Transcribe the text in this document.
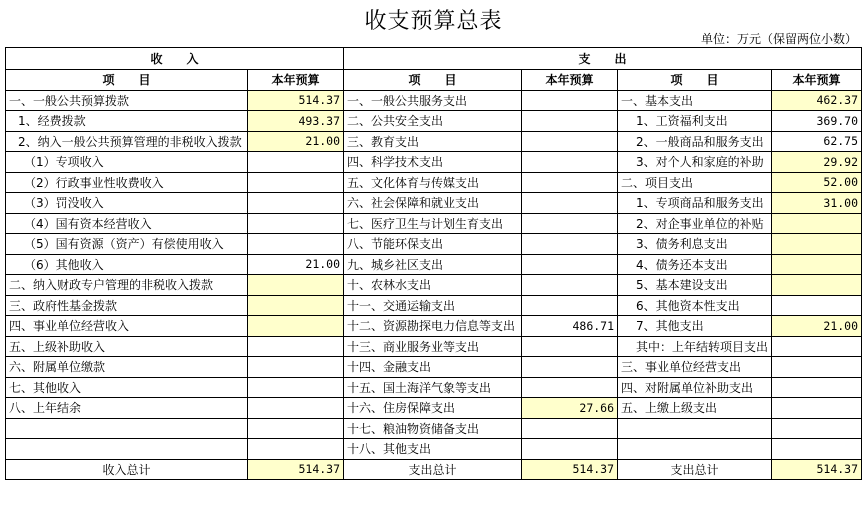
收支预算总表
单位：万元（保留两位小数）
收　　入		支　　出			
项　　目	本年预算	项　　目	本年预算	项　　目	本年预算
一、一般公共预算拨款	514.37	一、一般公共服务支出		一、基本支出	462.37
1、经费拨款	493.37	二、公共安全支出		1、工资福利支出	369.70
2、纳入一般公共预算管理的非税收入拨款	21.00	三、教育支出		2、一般商品和服务支出	62.75
（1）专项收入		四、科学技术支出		3、对个人和家庭的补助	29.92
（2）行政事业性收费收入		五、文化体育与传媒支出		二、项目支出	52.00
（3）罚没收入		六、社会保障和就业支出		1、专项商品和服务支出	31.00
（4）国有资本经营收入		七、医疗卫生与计划生育支出		2、对企事业单位的补贴	
（5）国有资源（资产）有偿使用收入		八、节能环保支出		3、债务利息支出	
（6）其他收入	21.00	九、城乡社区支出		4、债务还本支出	
二、纳入财政专户管理的非税收入拨款		十、农林水支出		5、基本建设支出	
三、政府性基金拨款		十一、交通运输支出		6、其他资本性支出	
四、事业单位经营收入		十二、资源勘探电力信息等支出	486.71	7、其他支出	21.00
五、上级补助收入		十三、商业服务业等支出		其中：上年结转项目支出	
六、附属单位缴款		十四、金融支出		三、事业单位经营支出	
七、其他收入		十五、国土海洋气象等支出		四、对附属单位补助支出	
八、上年结余		十六、住房保障支出	27.66	五、上缴上级支出	
		十七、粮油物资储备支出			
		十八、其他支出			
收入总计	514.37	支出总计	514.37	支出总计	514.37
